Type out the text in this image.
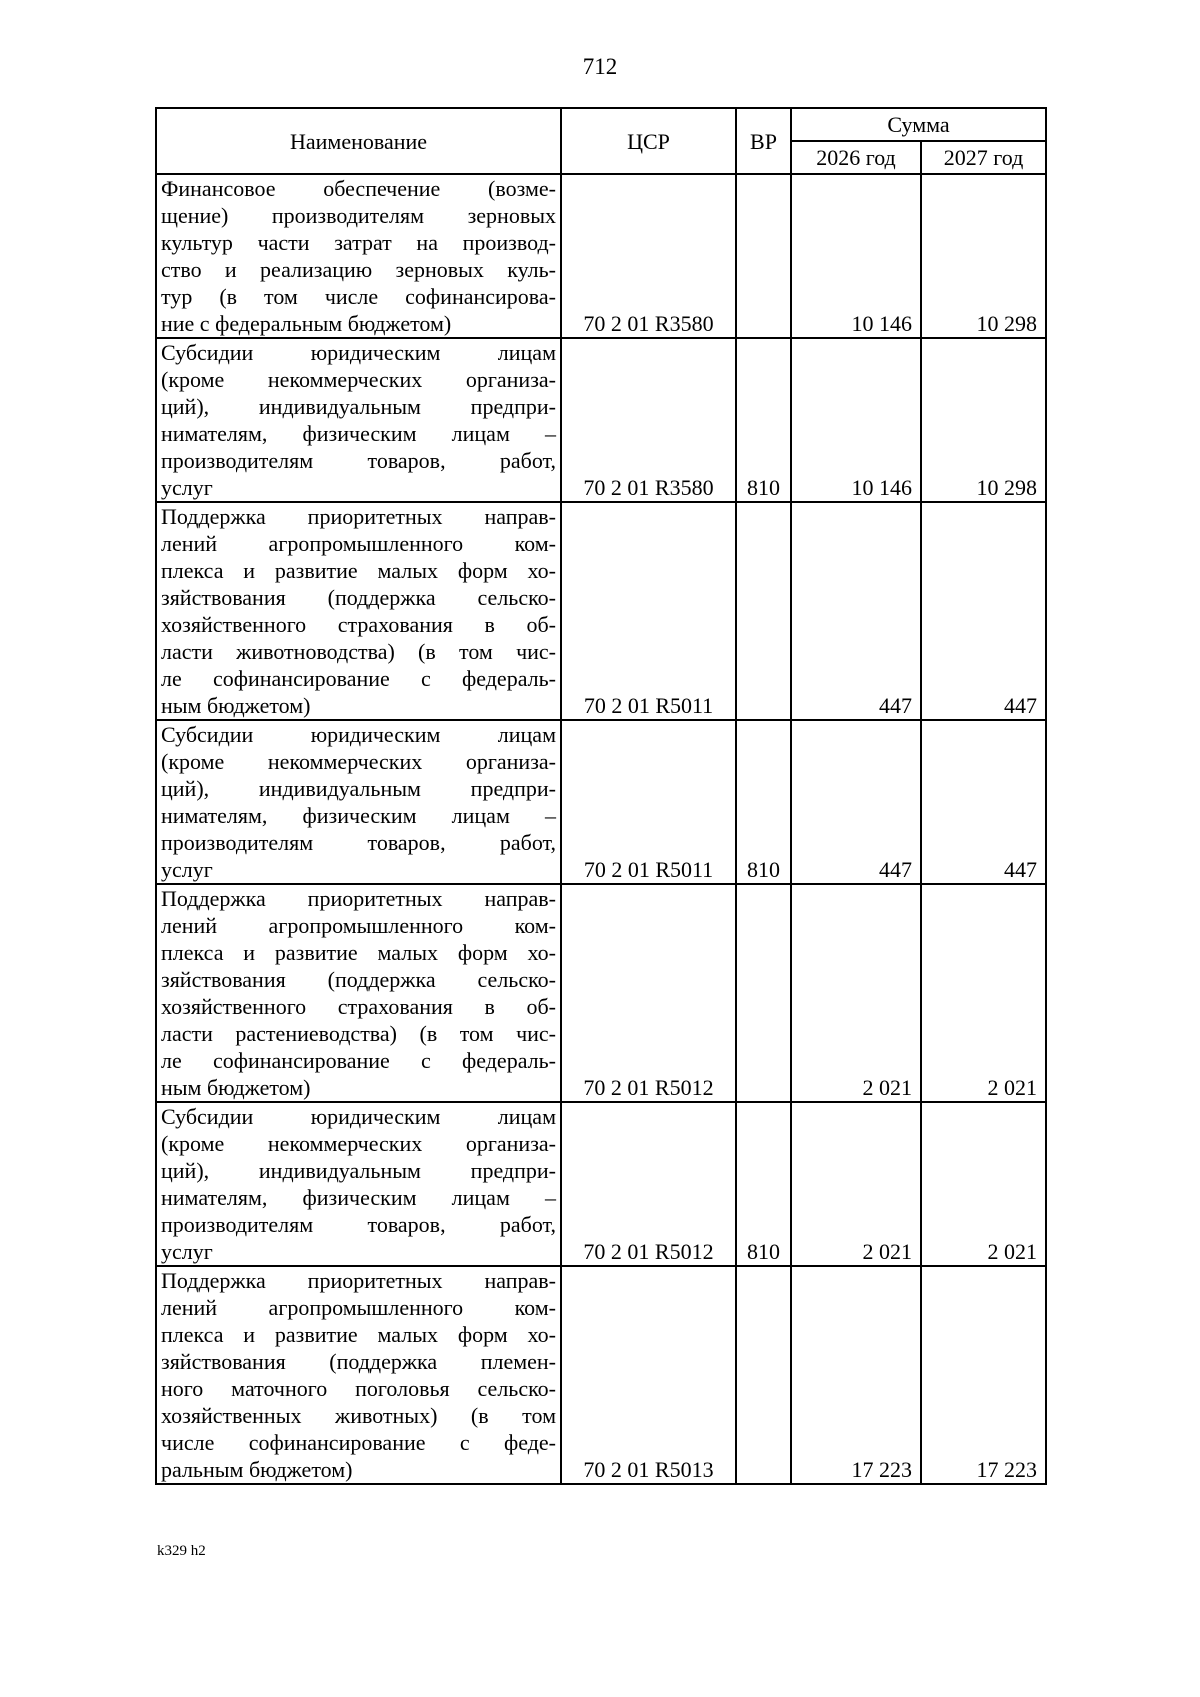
712
Наименование	ЦСР	ВР	Сумма	
			2026 год	2027 год

Финансовое обеспечение (возме-
щение) производителям зерновых
культур части затрат на производ-
ство и реализацию зерновых куль-
тур (в том числе софинансирова-
ние с федеральным бюджетом)	70 2 01 R3580		10 146	10 298

Субсидии юридическим лицам
(кроме некоммерческих организа-
ций), индивидуальным предпри-
нимателям, физическим лицам –
производителям товаров, работ,
услуг	70 2 01 R3580	810	10 146	10 298

Поддержка приоритетных направ-
лений агропромышленного ком-
плекса и развитие малых форм хо-
зяйствования (поддержка сельско-
хозяйственного страхования в об-
ласти животноводства) (в том чис-
ле софинансирование с федераль-
ным бюджетом)	70 2 01 R5011		447	447

Субсидии юридическим лицам
(кроме некоммерческих организа-
ций), индивидуальным предпри-
нимателям, физическим лицам –
производителям товаров, работ,
услуг	70 2 01 R5011	810	447	447

Поддержка приоритетных направ-
лений агропромышленного ком-
плекса и развитие малых форм хо-
зяйствования (поддержка сельско-
хозяйственного страхования в об-
ласти растениеводства) (в том чис-
ле софинансирование с федераль-
ным бюджетом)	70 2 01 R5012		2 021	2 021

Субсидии юридическим лицам
(кроме некоммерческих организа-
ций), индивидуальным предпри-
нимателям, физическим лицам –
производителям товаров, работ,
услуг	70 2 01 R5012	810	2 021	2 021

Поддержка приоритетных направ-
лений агропромышленного ком-
плекса и развитие малых форм хо-
зяйствования (поддержка племен-
ного маточного поголовья сельско-
хозяйственных животных) (в том
числе софинансирование с феде-
ральным бюджетом)	70 2 01 R5013		17 223	17 223
k329 h2
